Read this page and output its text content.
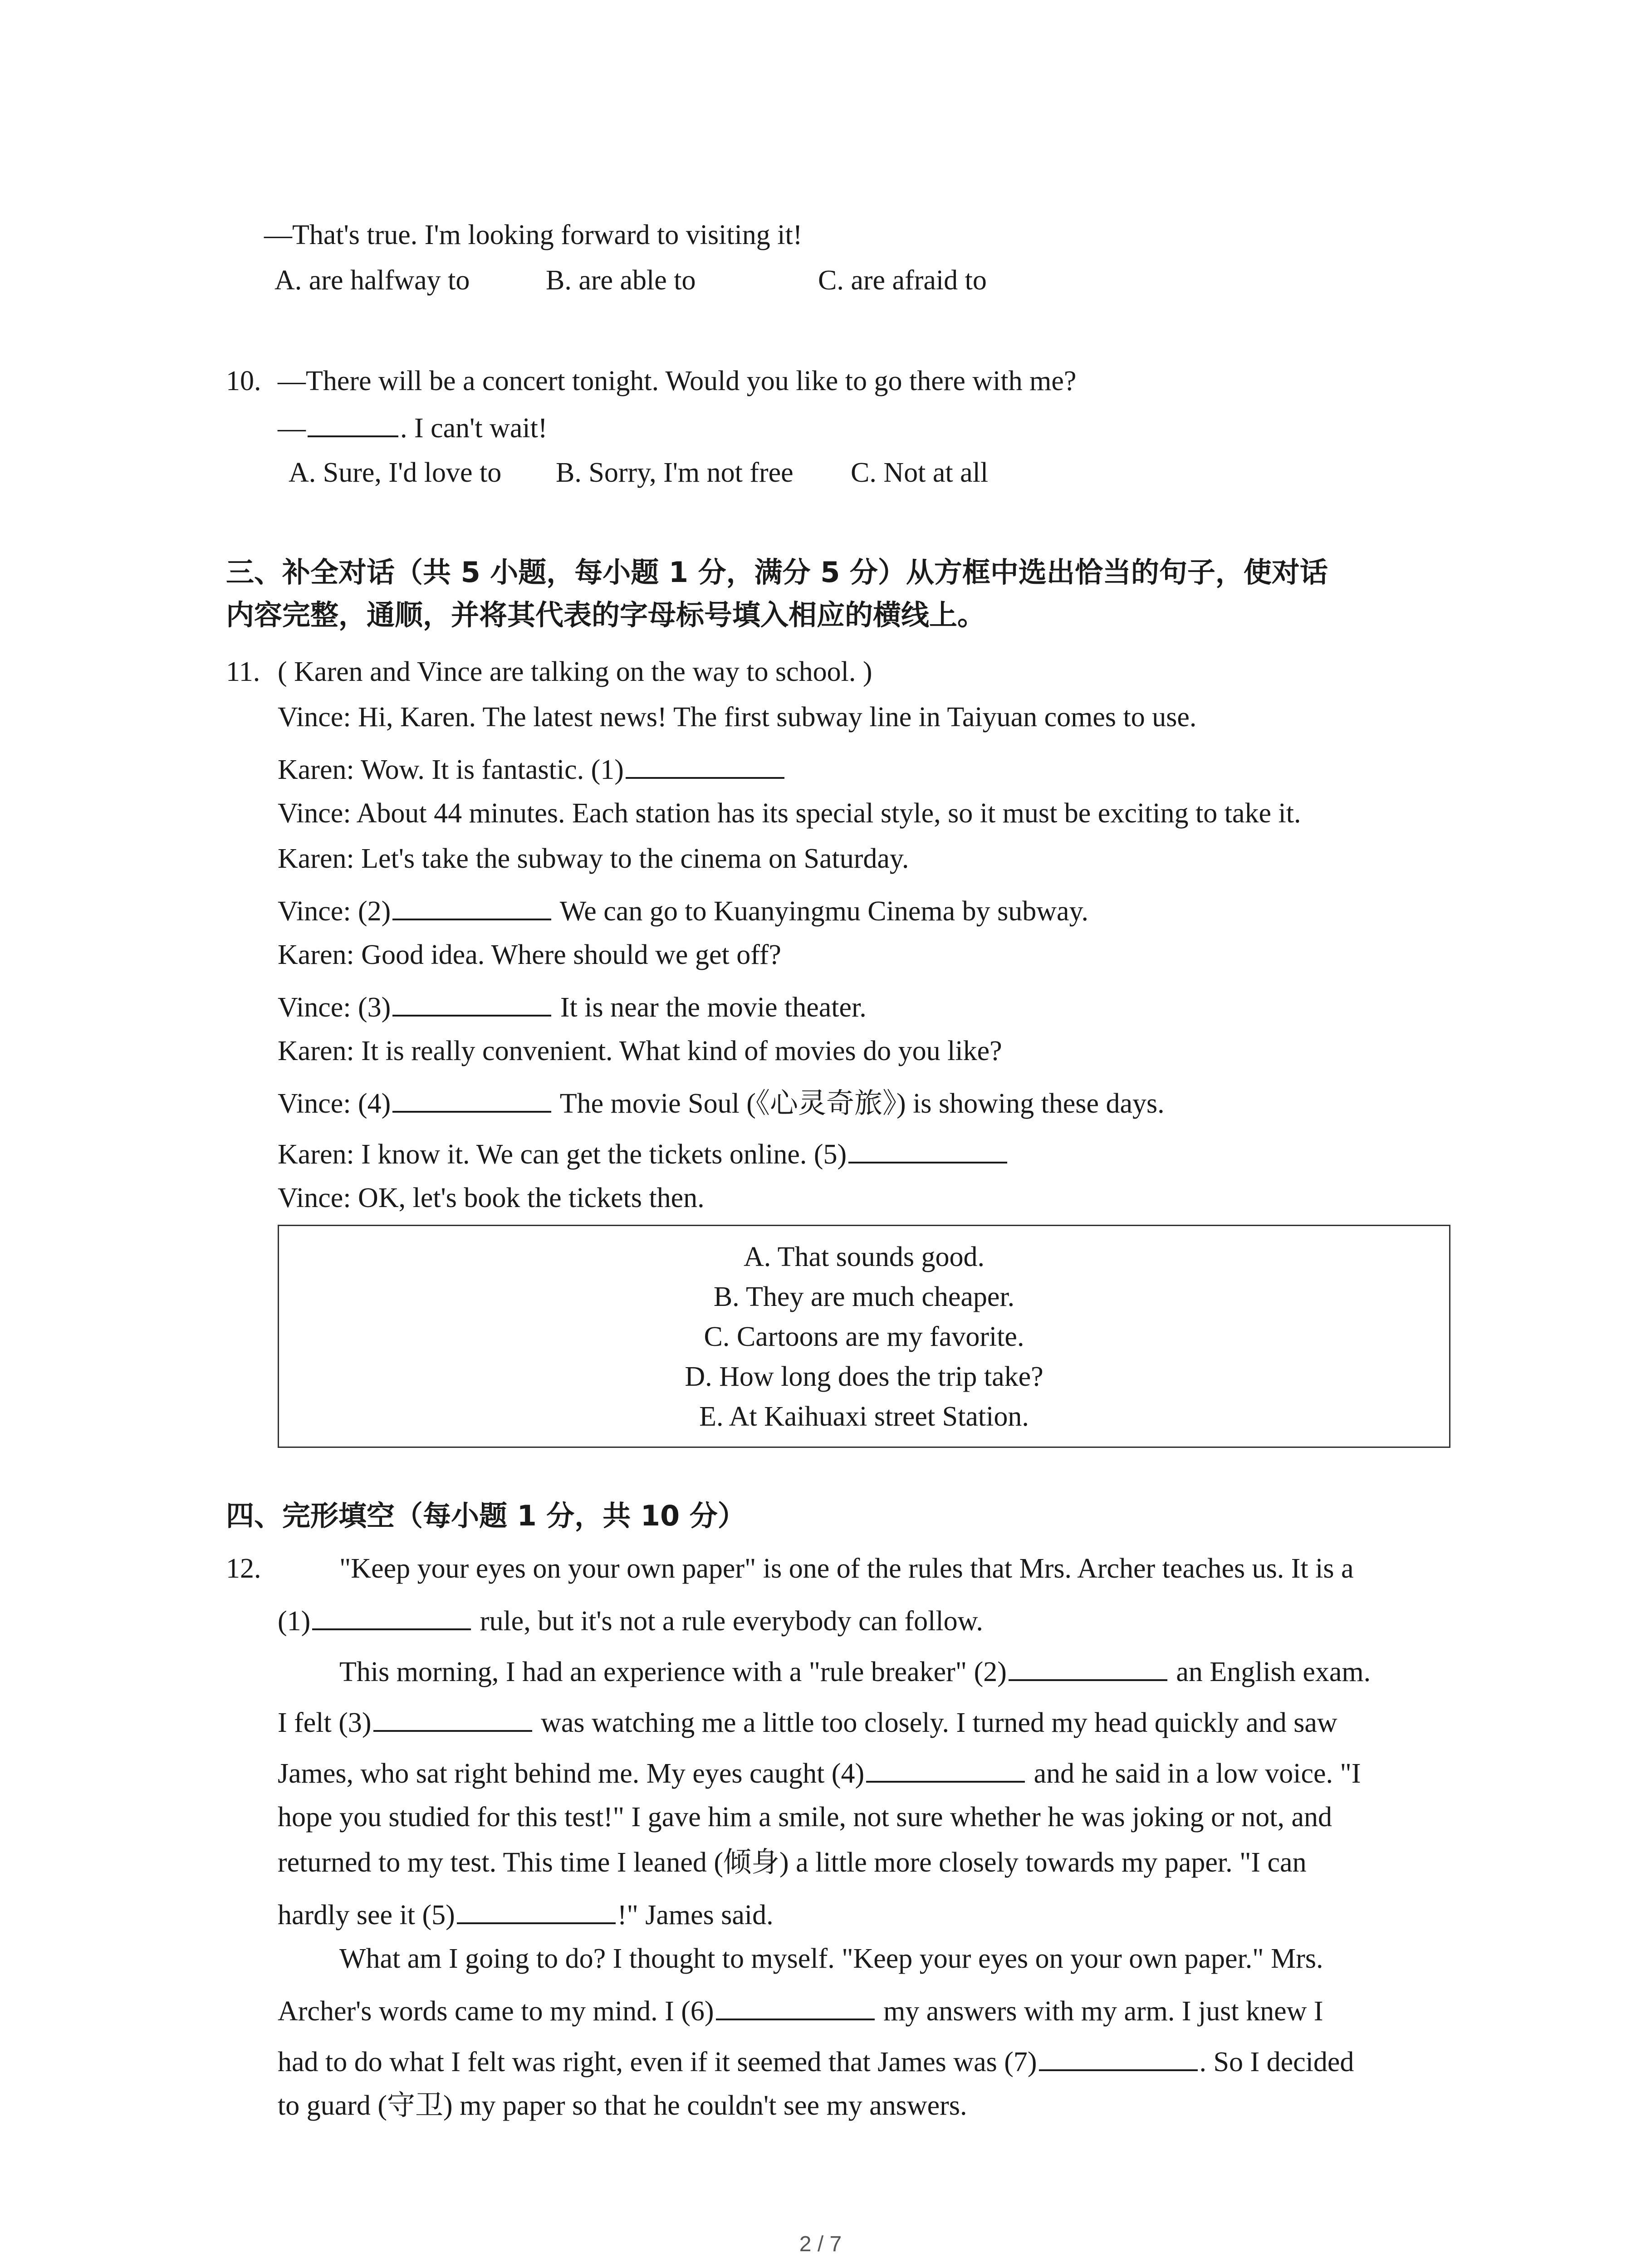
—That's true. I'm looking forward to visiting it!
A. are halfway to	B. are able to	C. are afraid to
10. —There will be a concert tonight. Would you like to go there with me?
—	. I can't wait!
A. Sure, I'd love to B. Sorry, I'm not free C. Not at all
三、补全对话（共 5 小题，每小题 1 分，满分 5 分）从方框中选出恰当的句子，使对话
内容完整，通顺，并将其代表的字母标号填入相应的横线上。
11. ( Karen and Vince are talking on the way to school. )
Vince: Hi, Karen. The latest news! The first subway line in Taiyuan comes to use.
Karen: Wow. It is fantastic. (1)
Vince: About 44 minutes. Each station has its special style, so it must be exciting to take it.
Karen: Let's take the subway to the cinema on Saturday.
Vince: (2)	We can go to Kuanyingmu Cinema by subway.
Karen: Good idea. Where should we get off?
Vince: (3)	It is near the movie theater.
Karen: It is really convenient. What kind of movies do you like?
Vince: (4)	The movie Soul (《心灵奇旅》) is showing these days.
Karen: I know it. We can get the tickets online. (5)
Vince: OK, let's book the tickets then.
A. That sounds good.
B. They are much cheaper.
C. Cartoons are my favorite.
D. How long does the trip take?
E. At Kaihuaxi street Station.
四、完形填空（每小题 1 分，共 10 分）
12.	"Keep your eyes on your own paper" is one of the rules that Mrs. Archer teaches us. It is a
(1)	rule, but it's not a rule everybody can follow.
This morning, I had an experience with a "rule breaker" (2)	an English exam.
I felt (3)	was watching me a little too closely. I turned my head quickly and saw
James, who sat right behind me. My eyes caught (4)	and he said in a low voice. "I
hope you studied for this test!" I gave him a smile, not sure whether he was joking or not, and
returned to my test. This time I leaned (倾身) a little more closely towards my paper. "I can
hardly see it (5)	!" James said.
What am I going to do? I thought to myself. "Keep your eyes on your own paper." Mrs.
Archer's words came to my mind. I (6)	my answers with my arm. I just knew I
had to do what I felt was right, even if it seemed that James was (7)	. So I decided
to guard (守卫) my paper so that he couldn't see my answers.
2 / 7
